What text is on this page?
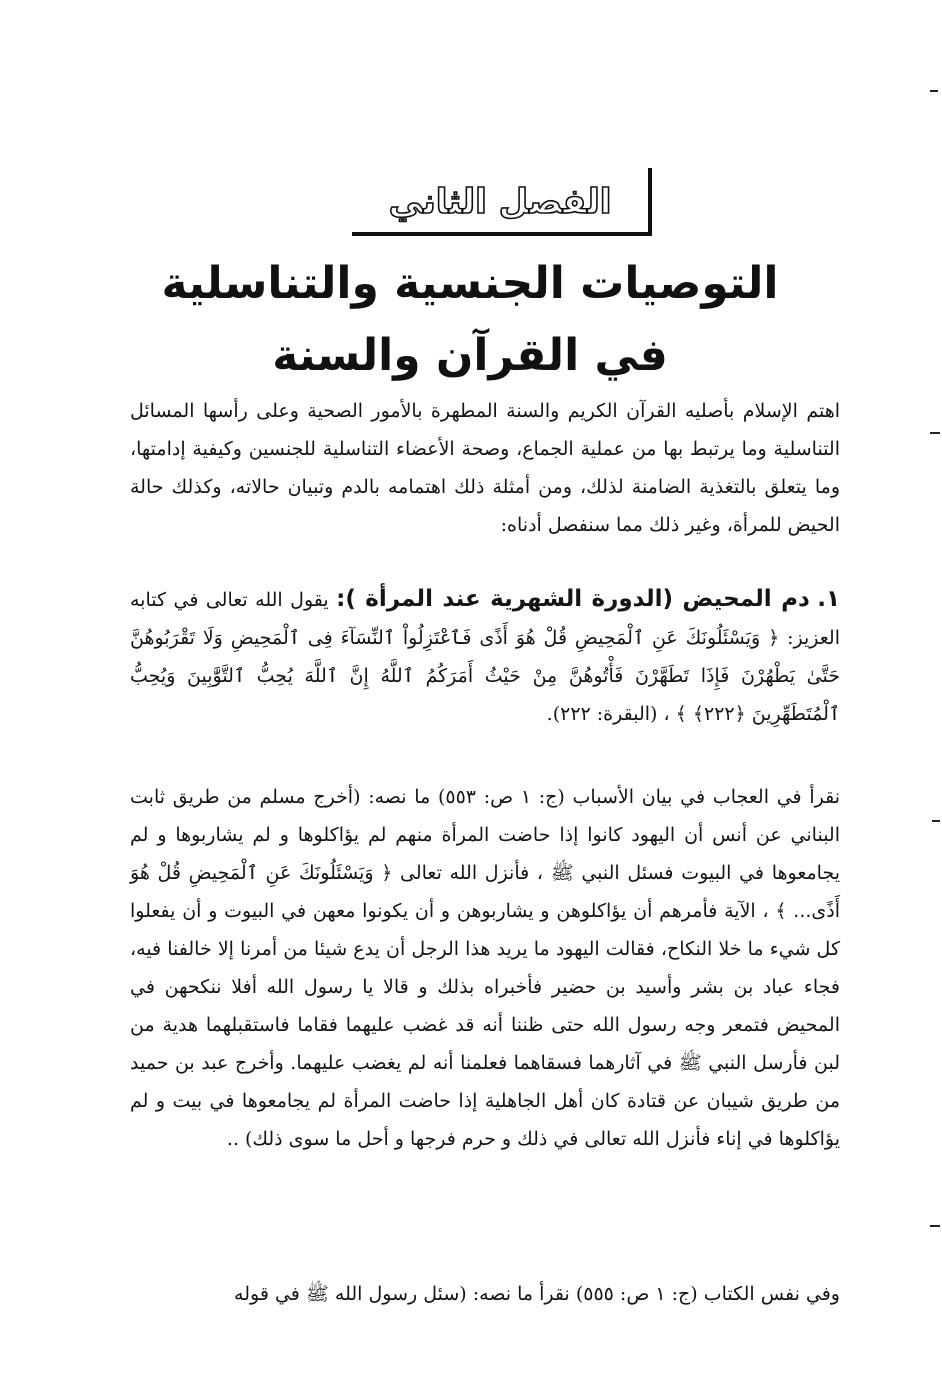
الفصل الثاني
التوصيات الجنسية والتناسلية
في القرآن والسنة
اهتم الإسلام بأصليه القرآن الكريم والسنة المطهرة بالأمور الصحية وعلى رأسها المسائل التناسلية وما يرتبط بها من عملية الجماع، وصحة الأعضاء التناسلية للجنسين وكيفية إدامتها، وما يتعلق بالتغذية الضامنة لذلك، ومن أمثلة ذلك اهتمامه بالدم وتبيان حالاته، وكذلك حالة الحيض للمرأة، وغير ذلك مما سنفصل أدناه:
١. دم المحيض (الدورة الشهرية عند المرأة ): يقول الله تعالى في كتابه العزيز: ﴿ وَيَسْئَلُونَكَ عَنِ ٱلْمَحِيضِ قُلْ هُوَ أَذًى فَٱعْتَزِلُواْ ٱلنِّسَآءَ فِى ٱلْمَحِيضِ وَلَا تَقْرَبُوهُنَّ حَتَّىٰ يَطْهُرْنَ فَإِذَا تَطَهَّرْنَ فَأْتُوهُنَّ مِنْ حَيْثُ أَمَرَكُمُ ٱللَّهُ إِنَّ ٱللَّهَ يُحِبُّ ٱلتَّوَّٰبِينَ وَيُحِبُّ ٱلْمُتَطَهِّرِينَ ﴿٢٢٢﴾ ﴾ ، (البقرة: ٢٢٢).
نقرأ في العجاب في بيان الأسباب (ج: ١ ص: ٥٥٣) ما نصه: (أخرج مسلم من طريق ثابت البناني عن أنس أن اليهود كانوا إذا حاضت المرأة منهم لم يؤاكلوها و لم يشاربوها و لم يجامعوها في البيوت فسئل النبي ﷺ ، فأنزل الله تعالى ﴿ وَيَسْئَلُونَكَ عَنِ ٱلْمَحِيضِ قُلْ هُوَ أَذًى... ﴾ ، الآية فأمرهم أن يؤاكلوهن و يشاربوهن و أن يكونوا معهن في البيوت و أن يفعلوا كل شيء ما خلا النكاح، فقالت اليهود ما يريد هذا الرجل أن يدع شيئا من أمرنا إلا خالفنا فيه، فجاء عباد بن بشر وأسيد بن حضير فأخبراه بذلك و قالا يا رسول الله أفلا ننكحهن في المحيض فتمعر وجه رسول الله حتى ظننا أنه قد غضب عليهما فقاما فاستقبلهما هدية من لبن فأرسل النبي ﷺ في آثارهما فسقاهما فعلمنا أنه لم يغضب عليهما. وأخرج عبد بن حميد من طريق شيبان عن قتادة كان أهل الجاهلية إذا حاضت المرأة لم يجامعوها في بيت و لم يؤاكلوها في إناء فأنزل الله تعالى في ذلك و حرم فرجها و أحل ما سوى ذلك) ..
وفي نفس الكتاب (ج: ١ ص: ٥٥٥) نقرأ ما نصه: (سئل رسول الله ﷺ في قوله
